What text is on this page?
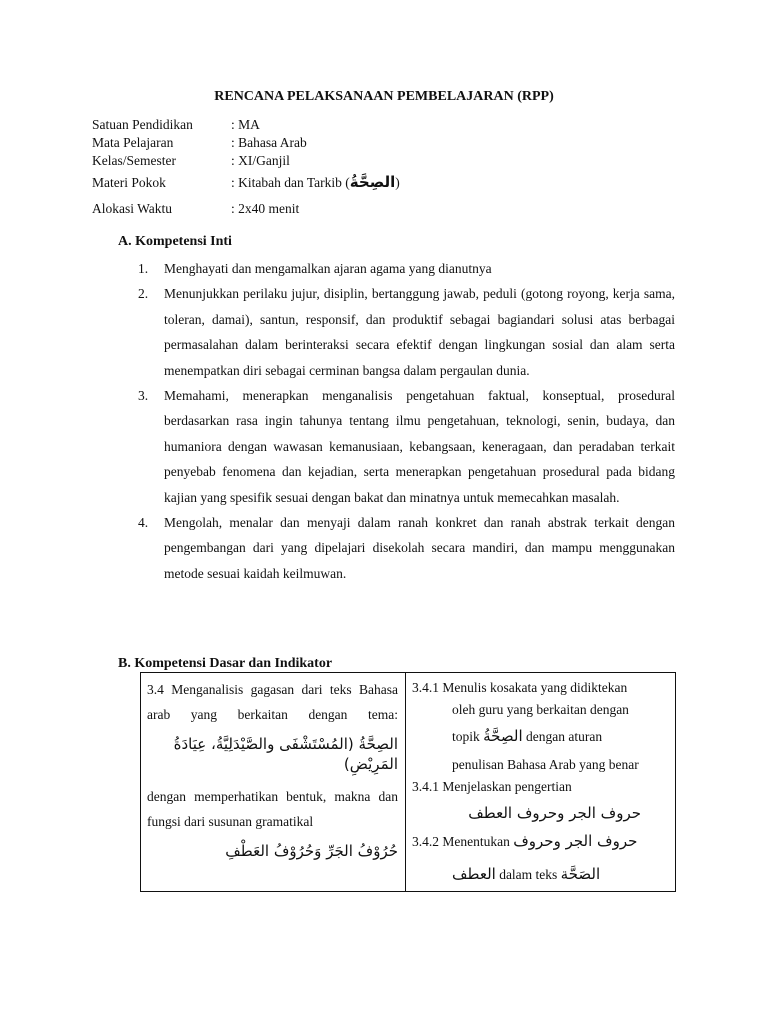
RENCANA PELAKSANAAN PEMBELAJARAN (RPP)
Satuan Pendidikan	: MA
Mata Pelajaran	: Bahasa Arab
Kelas/Semester	: XI/Ganjil
Materi Pokok	: Kitabah dan Tarkib (الصِحَّةُ)
Alokasi Waktu	: 2x40 menit
A. Kompetensi Inti
1.	Menghayati dan mengamalkan ajaran agama yang dianutnya
2.	Menunjukkan perilaku jujur, disiplin, bertanggung jawab, peduli (gotong royong, kerja sama, toleran, damai), santun, responsif, dan produktif sebagai bagiandari solusi atas berbagai permasalahan dalam berinteraksi secara efektif dengan lingkungan sosial dan alam serta menempatkan diri sebagai cerminan bangsa dalam pergaulan dunia.
3.	Memahami, menerapkan menganalisis pengetahuan faktual, konseptual, prosedural berdasarkan rasa ingin tahunya tentang ilmu pengetahuan, teknologi, senin, budaya, dan humaniora dengan wawasan kemanusiaan, kebangsaan, keneragaan, dan peradaban terkait penyebab fenomena dan kejadian, serta menerapkan pengetahuan prosedural pada bidang kajian yang spesifik sesuai dengan bakat dan minatnya untuk memecahkan masalah.
4.	Mengolah, menalar dan menyaji dalam ranah konkret dan ranah abstrak terkait dengan pengembangan dari yang dipelajari disekolah secara mandiri, dan mampu menggunakan metode sesuai kaidah keilmuwan.
B. Kompetensi Dasar dan Indikator
3.4 Menganalisis gagasan dari teks Bahasa arab yang berkaitan dengan tema:
الصِحَّةُ (المُسْتَشْفَى والصَّيْدَلِيَّةُ، عِيَادَةُ المَرِيْضِ)
dengan memperhatikan bentuk, makna dan fungsi dari susunan gramatikal
حُرُوْفُ الجَرِّ وَحُرُوْفُ العَطْفِ

3.4.1 Menulis kosakata yang didiktekan
oleh guru yang berkaitan dengan
topik الصِحَّةُ dengan aturan
penulisan Bahasa Arab yang benar
3.4.1 Menjelaskan pengertian
حروف الجر وحروف العطف
3.4.2 Menentukan حروف الجر وحروف
العطف dalam teks الصَحَّة
